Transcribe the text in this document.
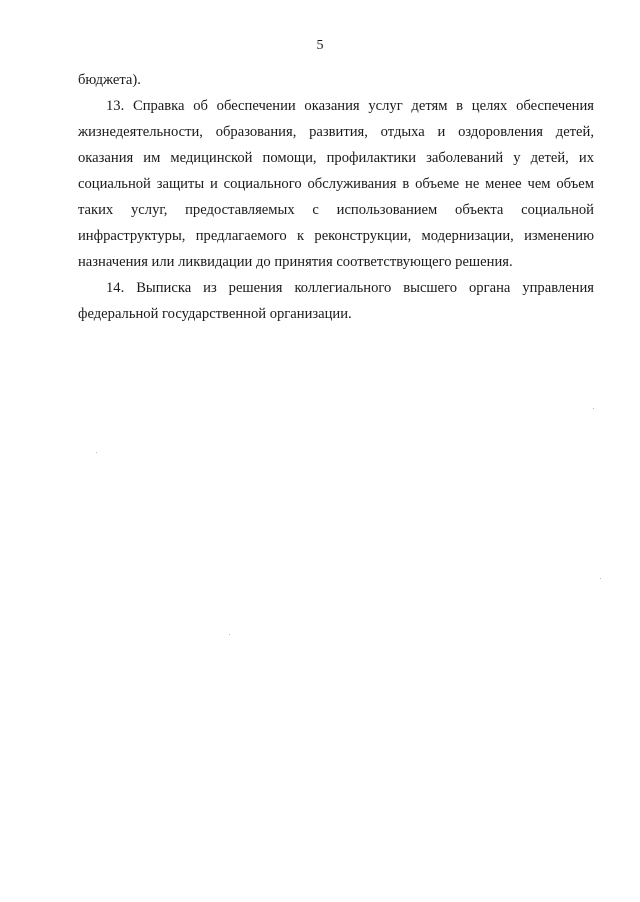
5

бюджета).

13. Справка об обеспечении оказания услуг детям в целях обеспечения жизнедеятельности, образования, развития, отдыха и оздоровления детей, оказания им медицинской помощи, профилактики заболеваний у детей, их социальной защиты и социального обслуживания в объеме не менее чем объем таких услуг, предоставляемых с использованием объекта социальной инфраструктуры, предлагаемого к реконструкции, модернизации, изменению назначения или ликвидации до принятия соответствующего решения.

14. Выписка из решения коллегиального высшего органа управления федеральной государственной организации.
